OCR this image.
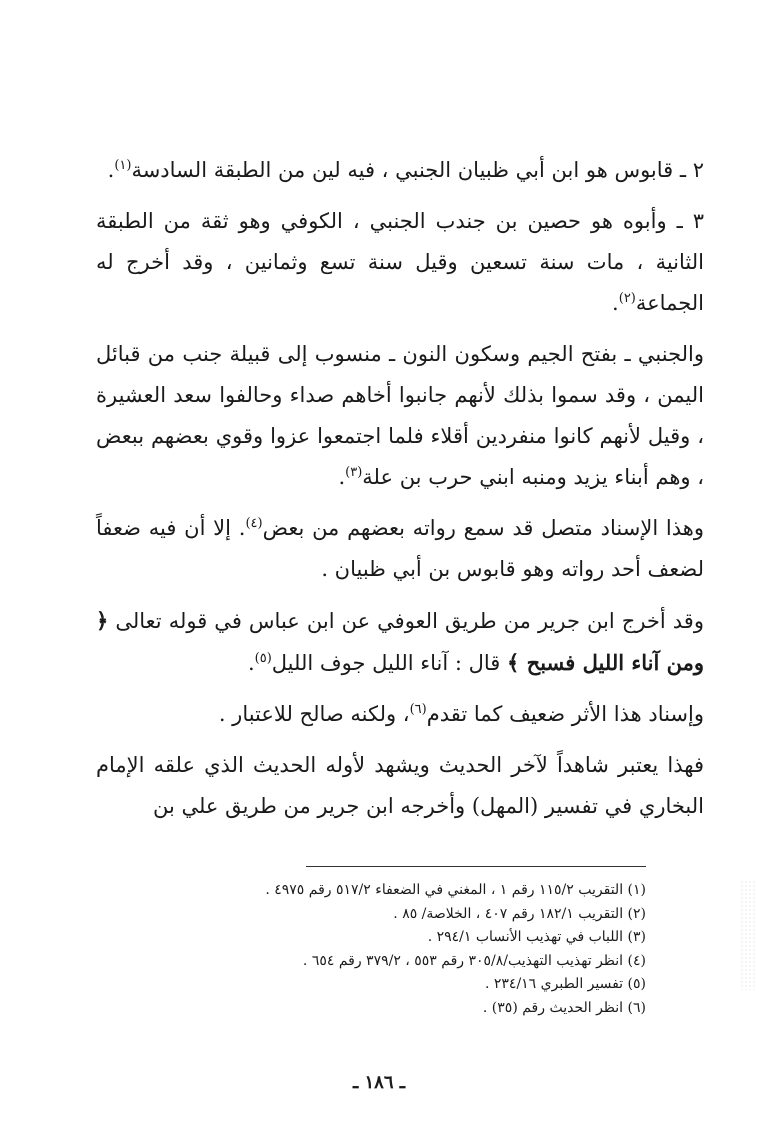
٢ ـ قابوس هو ابن أبي ظبيان الجنبي ، فيه لين من الطبقة السادسة$^{(١)}$.

٣ ـ وأبوه هو حصين بن جندب الجنبي ، الكوفي وهو ثقة من الطبقة الثانية ، مات سنة تسعين وقيل سنة تسع وثمانين ، وقد أخرج له الجماعة$^{(٢)}$.

والجنبي ـ بفتح الجيم وسكون النون ـ منسوب إلى قبيلة جنب من قبائل اليمن ، وقد سموا بذلك لأنهم جانبوا أخاهم صداء وحالفوا سعد العشيرة ، وقيل لأنهم كانوا منفردين أقلاء فلما اجتمعوا عزوا وقوي بعضهم ببعض ، وهم أبناء يزيد ومنبه ابني حرب بن علة$^{(٣)}$.

وهذا الإسناد متصل قد سمع رواته بعضهم من بعض$^{(٤)}$. إلا أن فيه ضعفاً لضعف أحد رواته وهو قابوس بن أبي ظبيان .

وقد أخرج ابن جرير من طريق العوفي عن ابن عباس في قوله تعالى ﴿ ومن آناء الليل فسبح ﴾ قال : آناء الليل جوف الليل$^{(٥)}$.

وإسناد هذا الأثر ضعيف كما تقدم$^{(٦)}$، ولكنه صالح للاعتبار .

فهذا يعتبر شاهداً لآخر الحديث ويشهد لأوله الحديث الذي علقه الإمام البخاري في تفسير (المهل) وأخرجه ابن جرير من طريق علي بن

(١) التقريب ١١٥/٢ رقم ١ ، المغني في الضعفاء ٥١٧/٢ رقم ٤٩٧٥ .
(٢) التقريب ١٨٢/١ رقم ٤٠٧ ، الخلاصة/ ٨٥ .
(٣) اللباب في تهذيب الأنساب ٢٩٤/١ .
(٤) انظر تهذيب التهذيب/٣٠٥/٨ رقم ٥٥٣ ، ٣٧٩/٢ رقم ٦٥٤ .
(٥) تفسير الطبري ٢٣٤/١٦ .
(٦) انظر الحديث رقم (٣٥) .
ـ ١٨٦ ـ
